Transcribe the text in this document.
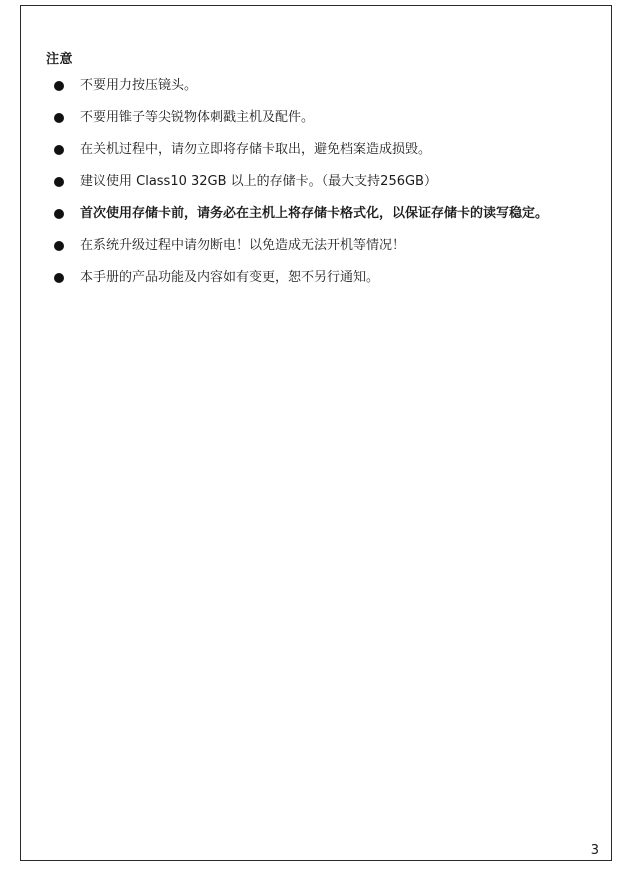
注意
不要用力按压镜头。
不要用锥子等尖锐物体刺戳主机及配件。
在关机过程中，请勿立即将存储卡取出，避免档案造成损毁。
建议使用 Class10 32GB 以上的存储卡。（最大支持256GB）
首次使用存储卡前，请务必在主机上将存储卡格式化，以保证存储卡的读写稳定。
在系统升级过程中请勿断电！以免造成无法开机等情况！
本手册的产品功能及内容如有变更，恕不另行通知。
3
